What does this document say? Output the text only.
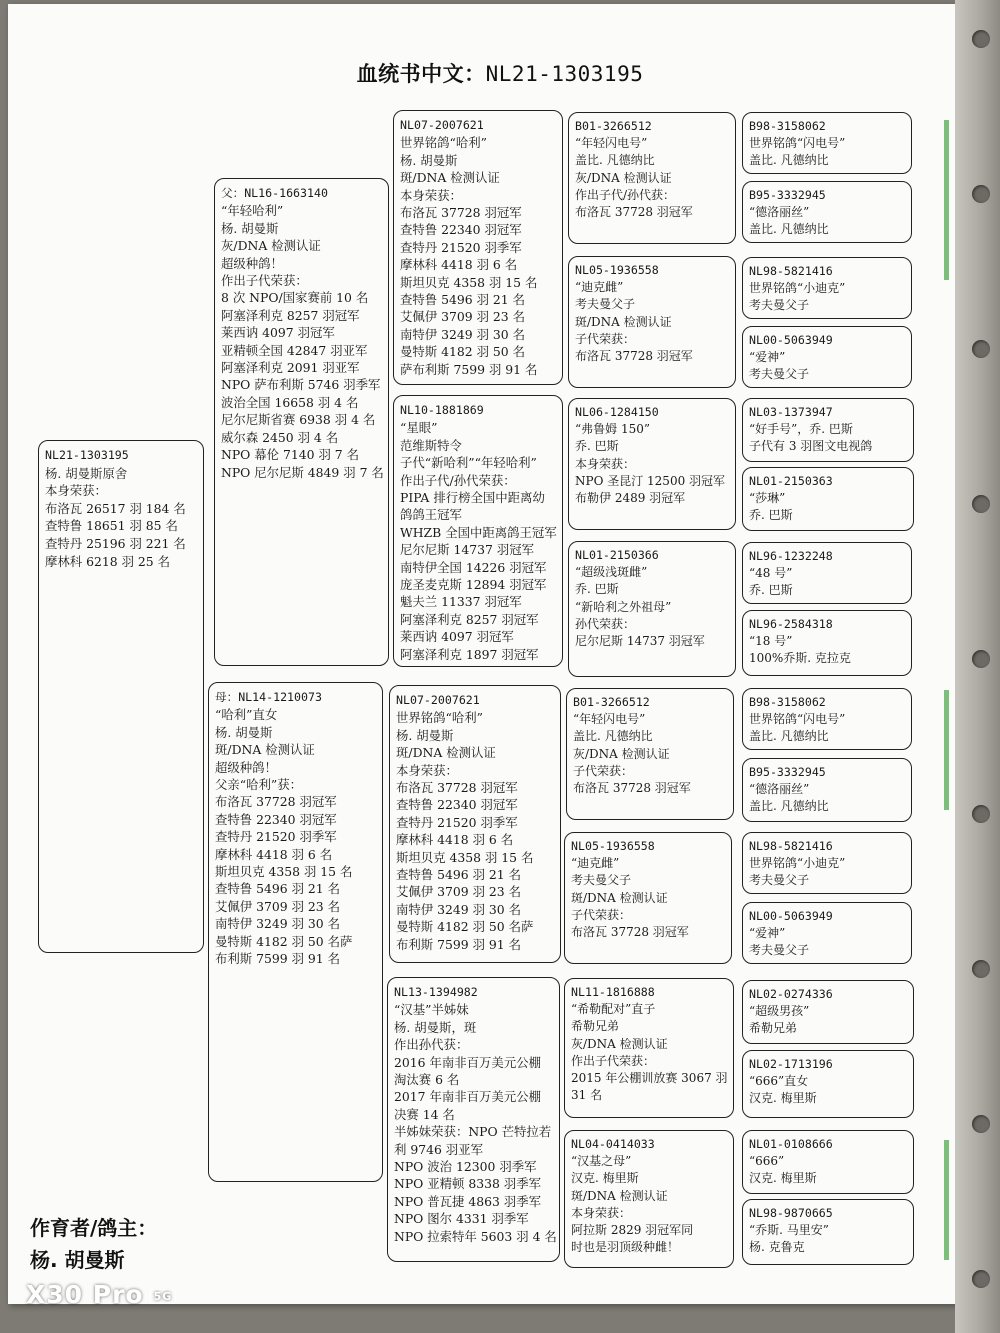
血统书中文：NL21-1303195
NL21-1303195
杨. 胡曼斯原舍
本身荣获：
布洛瓦 26517 羽 184 名
查特鲁 18651 羽 85 名
查特丹 25196 羽 221 名
摩林科 6218 羽 25 名
父：NL16-1663140
“年轻哈利”
杨. 胡曼斯
灰/DNA 检测认证
超级种鸽！
作出子代荣获：
8 次 NPO/国家赛前 10 名
阿塞泽利克 8257 羽冠军
莱西讷 4097 羽冠军
亚精顿全国 42847 羽亚军
阿塞泽利克 2091 羽亚军
NPO 萨布利斯 5746 羽季军
波治全国 16658 羽 4 名
尼尔尼斯省赛 6938 羽 4 名
威尔森 2450 羽 4 名
NPO 幕伦 7140 羽 7 名
NPO 尼尔尼斯 4849 羽 7 名
母：NL14-1210073
“哈利”直女
杨. 胡曼斯
斑/DNA 检测认证
超级种鸽！
父亲“哈利”获：
布洛瓦 37728 羽冠军
查特鲁 22340 羽冠军
查特丹 21520 羽季军
摩林科 4418 羽 6 名
斯坦贝克 4358 羽 15 名
查特鲁 5496 羽 21 名
艾佩伊 3709 羽 23 名
南特伊 3249 羽 30 名
曼特斯 4182 羽 50 名萨
布利斯 7599 羽 91 名
NL07-2007621
世界铭鸽“哈利”
杨. 胡曼斯
斑/DNA 检测认证
本身荣获：
布洛瓦 37728 羽冠军
查特鲁 22340 羽冠军
查特丹 21520 羽季军
摩林科 4418 羽 6 名
斯坦贝克 4358 羽 15 名
查特鲁 5496 羽 21 名
艾佩伊 3709 羽 23 名
南特伊 3249 羽 30 名
曼特斯 4182 羽 50 名
萨布利斯 7599 羽 91 名
NL10-1881869
“星眼”
范维斯特令
子代“新哈利”“年轻哈利”
作出子代/孙代荣获：
PIPA 排行榜全国中距离幼
鸽鸽王冠军
WHZB 全国中距离鸽王冠军
尼尔尼斯 14737 羽冠军
南特伊全国 14226 羽冠军
庞圣麦克斯 12894 羽冠军
魁夫兰 11337 羽冠军
阿塞泽利克 8257 羽冠军
莱西讷 4097 羽冠军
阿塞泽利克 1897 羽冠军
NL07-2007621
世界铭鸽“哈利”
杨. 胡曼斯
斑/DNA 检测认证
本身荣获：
布洛瓦 37728 羽冠军
查特鲁 22340 羽冠军
查特丹 21520 羽季军
摩林科 4418 羽 6 名
斯坦贝克 4358 羽 15 名
查特鲁 5496 羽 21 名
艾佩伊 3709 羽 23 名
南特伊 3249 羽 30 名
曼特斯 4182 羽 50 名萨
布利斯 7599 羽 91 名
NL13-1394982
“汉基”半姊妹
杨. 胡曼斯，斑
作出孙代获：
2016 年南非百万美元公棚
淘汰赛 6 名
2017 年南非百万美元公棚
决赛 14 名
半姊妹荣获：NPO 芒特拉若
利 9746 羽亚军
NPO 波治 12300 羽季军
NPO 亚精顿 8338 羽季军
NPO 普瓦捷 4863 羽季军
NPO 图尔 4331 羽季军
NPO 拉索特年 5603 羽 4 名
B01-3266512
“年轻闪电号”
盖比. 凡德纳比
灰/DNA 检测认证
作出子代/孙代获：
布洛瓦 37728 羽冠军
NL05-1936558
“迪克雌”
考夫曼父子
斑/DNA 检测认证
子代荣获：
布洛瓦 37728 羽冠军
NL06-1284150
“弗鲁姆 150”
乔. 巴斯
本身荣获：
NPO 圣昆汀 12500 羽冠军
布勒伊 2489 羽冠军
NL01-2150366
“超级浅斑雌”
乔. 巴斯
“新哈利之外祖母”
孙代荣获：
尼尔尼斯 14737 羽冠军
B01-3266512
“年轻闪电号”
盖比. 凡德纳比
灰/DNA 检测认证
子代荣获：
布洛瓦 37728 羽冠军
NL05-1936558
“迪克雌”
考夫曼父子
斑/DNA 检测认证
子代荣获：
布洛瓦 37728 羽冠军
NL11-1816888
“希勒配对”直子
希勒兄弟
灰/DNA 检测认证
作出子代荣获：
2015 年公棚训放赛 3067 羽
31 名
NL04-0414033
“汉基之母”
汉克. 梅里斯
斑/DNA 检测认证
本身荣获：
阿拉斯 2829 羽冠军同
时也是羽顶级种雌！
B98-3158062
世界铭鸽“闪电号”
盖比. 凡德纳比
B95-3332945
“德洛丽丝”
盖比. 凡德纳比
NL98-5821416
世界铭鸽“小迪克”
考夫曼父子
NL00-5063949
“爱神”
考夫曼父子
NL03-1373947
“好手号”，乔. 巴斯
子代有 3 羽图文电视鸽
NL01-2150363
“莎琳”
乔. 巴斯
NL96-1232248
“48 号”
乔. 巴斯
NL96-2584318
“18 号”
100%乔斯. 克拉克
B98-3158062
世界铭鸽“闪电号”
盖比. 凡德纳比
B95-3332945
“德洛丽丝”
盖比. 凡德纳比
NL98-5821416
世界铭鸽“小迪克”
考夫曼父子
NL00-5063949
“爱神”
考夫曼父子
NL02-0274336
“超级男孩”
希勒兄弟
NL02-1713196
“666”直女
汉克. 梅里斯
NL01-0108666
“666”
汉克. 梅里斯
NL98-9870665
“乔斯. 马里安”
杨. 克鲁克
作育者/鸽主：
杨. 胡曼斯
X30 Pro 5G
